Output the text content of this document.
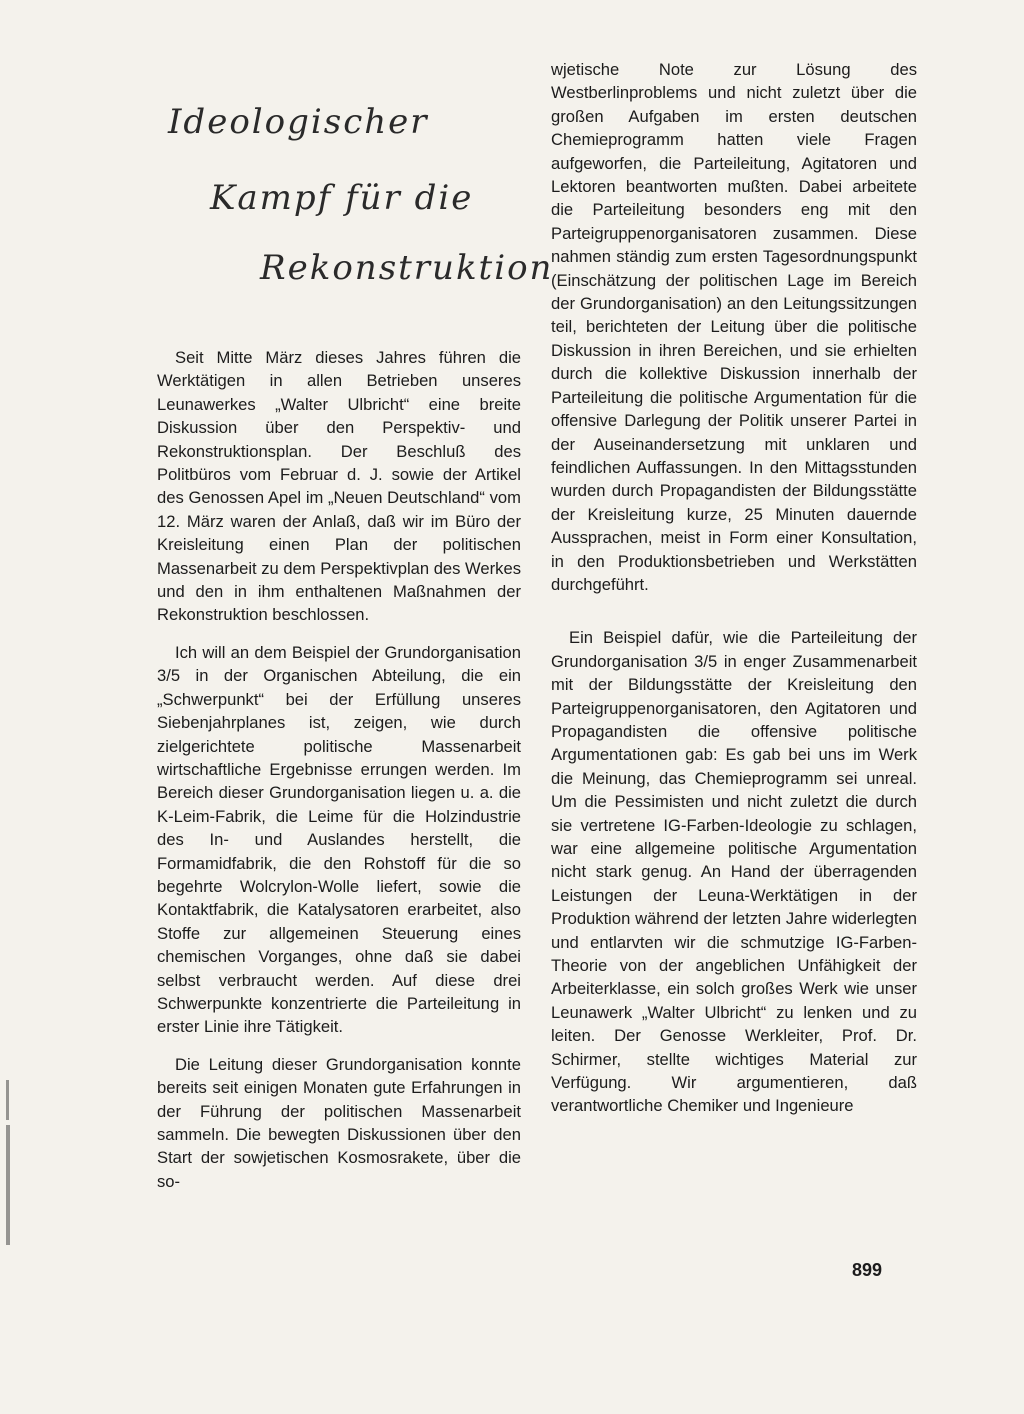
Ideologischer
Kampf für die
Rekonstruktion

Seit Mitte März dieses Jahres führen die Werktätigen in allen Betrieben unseres Leunawerkes „Walter Ulbricht“ eine breite Diskussion über den Perspektiv- und Rekonstruktionsplan. Der Beschluß des Politbüros vom Februar d. J. sowie der Artikel des Genossen Apel im „Neuen Deutschland“ vom 12. März waren der Anlaß, daß wir im Büro der Kreisleitung einen Plan der politischen Massenarbeit zu dem Perspektivplan des Werkes und den in ihm enthaltenen Maßnahmen der Rekonstruktion beschlossen.

Ich will an dem Beispiel der Grundorganisation 3/5 in der Organischen Abteilung, die ein „Schwerpunkt“ bei der Erfüllung unseres Siebenjahrplanes ist, zeigen, wie durch zielgerichtete politische Massenarbeit wirtschaftliche Ergebnisse errungen werden. Im Bereich dieser Grundorganisation liegen u. a. die K-Leim-Fabrik, die Leime für die Holzindustrie des In- und Auslandes herstellt, die Formamidfabrik, die den Rohstoff für die so begehrte Wolcrylon-Wolle liefert, sowie die Kontaktfabrik, die Katalysatoren erarbeitet, also Stoffe zur allgemeinen Steuerung eines chemischen Vorganges, ohne daß sie dabei selbst verbraucht werden. Auf diese drei Schwerpunkte konzentrierte die Parteileitung in erster Linie ihre Tätigkeit.

Die Leitung dieser Grundorganisation konnte bereits seit einigen Monaten gute Erfahrungen in der Führung der politischen Massenarbeit sammeln. Die bewegten Diskussionen über den Start der sowjetischen Kosmosrakete, über die so-

wjetische Note zur Lösung des Westberlinproblems und nicht zuletzt über die großen Aufgaben im ersten deutschen Chemieprogramm hatten viele Fragen aufgeworfen, die Parteileitung, Agitatoren und Lektoren beantworten mußten. Dabei arbeitete die Parteileitung besonders eng mit den Parteigruppenorganisatoren zusammen. Diese nahmen ständig zum ersten Tagesordnungspunkt (Einschätzung der politischen Lage im Bereich der Grundorganisation) an den Leitungssitzungen teil, berichteten der Leitung über die politische Diskussion in ihren Bereichen, und sie erhielten durch die kollektive Diskussion innerhalb der Parteileitung die politische Argumentation für die offensive Darlegung der Politik unserer Partei in der Auseinandersetzung mit unklaren und feindlichen Auffassungen. In den Mittagsstunden wurden durch Propagandisten der Bildungsstätte der Kreisleitung kurze, 25 Minuten dauernde Aussprachen, meist in Form einer Konsultation, in den Produktionsbetrieben und Werkstätten durchgeführt.

Ein Beispiel dafür, wie die Parteileitung der Grundorganisation 3/5 in enger Zusammenarbeit mit der Bildungsstätte der Kreisleitung den Parteigruppenorganisatoren, den Agitatoren und Propagandisten die offensive politische Argumentationen gab: Es gab bei uns im Werk die Meinung, das Chemieprogramm sei unreal. Um die Pessimisten und nicht zuletzt die durch sie vertretene IG-Farben-Ideologie zu schlagen, war eine allgemeine politische Argumentation nicht stark genug. An Hand der überragenden Leistungen der Leuna-Werktätigen in der Produktion während der letzten Jahre widerlegten und entlarvten wir die schmutzige IG-Farben-Theorie von der angeblichen Unfähigkeit der Arbeiterklasse, ein solch großes Werk wie unser Leunawerk „Walter Ulbricht“ zu lenken und zu leiten. Der Genosse Werkleiter, Prof. Dr. Schirmer, stellte wichtiges Material zur Verfügung. Wir argumentieren, daß verantwortliche Chemiker und Ingenieure

899
